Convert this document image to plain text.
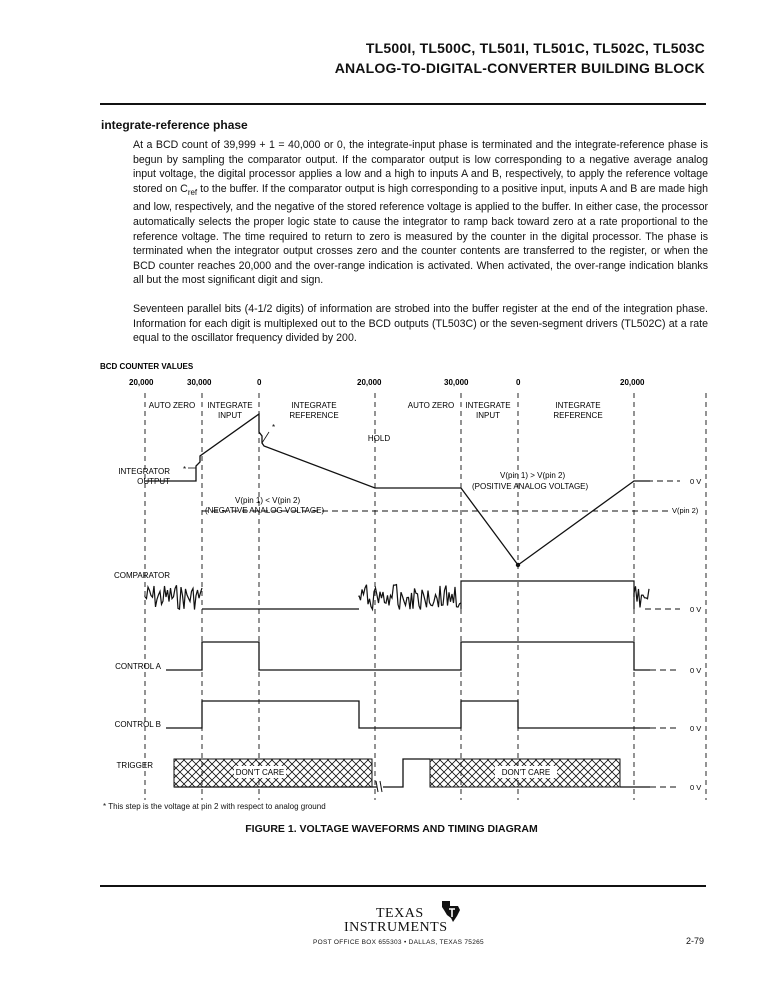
TL500I, TL500C, TL501I, TL501C, TL502C, TL503C
ANALOG-TO-DIGITAL-CONVERTER BUILDING BLOCK
integrate-reference phase
At a BCD count of 39,999 + 1 = 40,000 or 0, the integrate-input phase is terminated and the integrate-reference phase is begun by sampling the comparator output. If the comparator output is low corresponding to a negative average analog input voltage, the digital processor applies a low and a high to inputs A and B, respectively, to apply the reference voltage stored on $C_{ref}$ to the buffer. If the comparator output is high corresponding to a positive input, inputs A and B are made high and low, respectively, and the negative of the stored reference voltage is applied to the buffer. In either case, the processor automatically selects the proper logic state to cause the integrator to ramp back toward zero at a rate proportional to the reference voltage. The time required to return to zero is measured by the counter in the digital processor. The phase is terminated when the integrator output crosses zero and the counter contents are transferred to the register, or when the BCD counter reaches 20,000 and the over-range indication is activated. When activated, the over-range indication blanks all but the most significant digit and sign.
Seventeen parallel bits (4-1/2 digits) of information are strobed into the buffer register at the end of the integration phase. Information for each digit is multiplexed out to the BCD outputs (TL503C) or the seven-segment drivers (TL502C) at a rate equal to the oscillator frequency divided by 200.
BCD COUNTER VALUES
20,000	30,000	0	20,000	30,000	0	20,000
AUTO ZERO INTEGRATE
INPUT
INTEGRATE
REFERENCE
HOLD
AUTO ZERO INTEGRATE
INPUT
INTEGRATE
REFERENCE
INTEGRATOR
OUTPUT
COMPARATOR
CONTROL A
CONTROL B
TRIGGER
*
*
0 V
V(pin 2)
V(pin 1) < V(pin 2)
(NEGATIVE ANALOG VOLTAGE)
V(pin 1) > V(pin 2)
(POSITIVE ANALOG VOLTAGE)
0 V
0 V
0 V
DON'T CARE	DON'T CARE
0 V
* This step is the voltage at pin 2 with respect to analog ground
FIGURE 1. VOLTAGE WAVEFORMS AND TIMING DIAGRAM
TEXAS
INSTRUMENTS
POST OFFICE BOX 655303 • DALLAS, TEXAS 75265	2-79
